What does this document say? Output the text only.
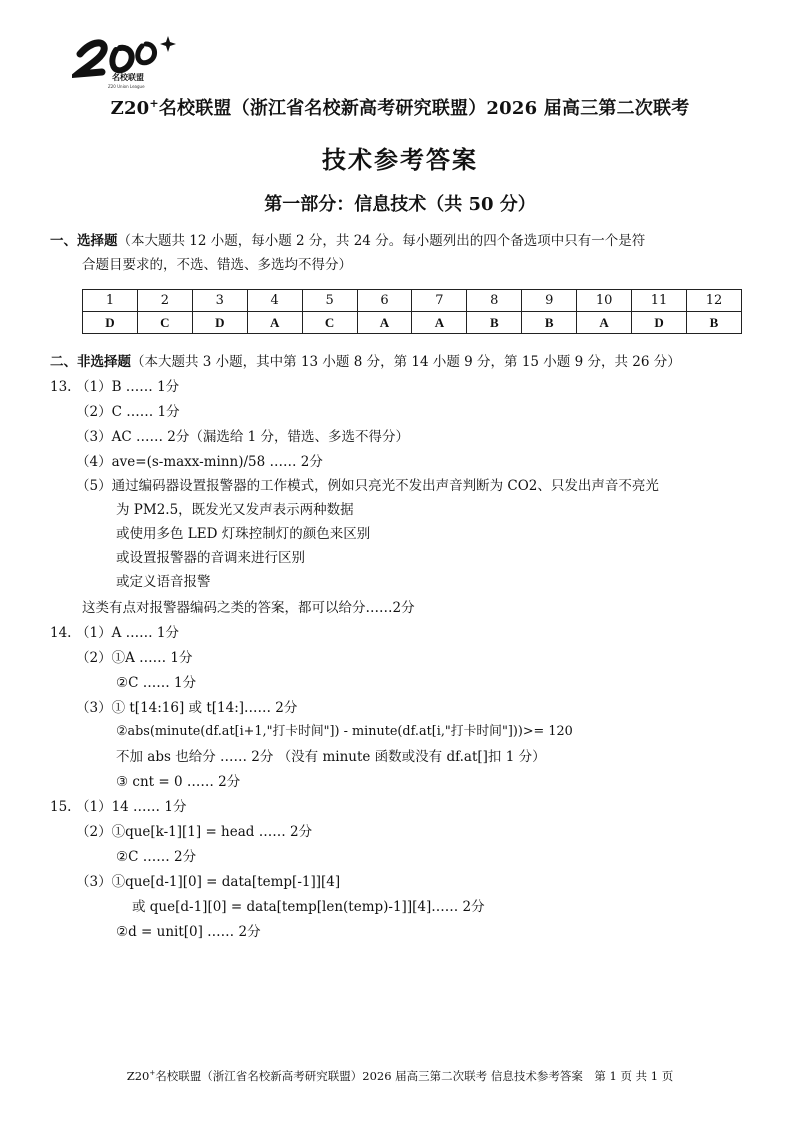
名校联盟
Z20 Union League
Z20+名校联盟（浙江省名校新高考研究联盟）2026 届高三第二次联考
技术参考答案
第一部分：信息技术（共 50 分）
一、选择题（本大题共 12 小题，每小题 2 分，共 24 分。每小题列出的四个备选项中只有一个是符
合题目要求的，不选、错选、多选均不得分）
1	2	3	4	5	6	7	8	9	10	11	12
D	C	D	A	C	A	A	B	B	A	D	B
二、非选择题（本大题共 3 小题，其中第 13 小题 8 分，第 14 小题 9 分，第 15 小题 9 分，共 26 分）
13. （1）B …… 1分
（2）C …… 1分
（3）AC …… 2分（漏选给 1 分，错选、多选不得分）
（4）ave=(s-maxx-minn)/58 …… 2分
（5）通过编码器设置报警器的工作模式，例如只亮光不发出声音判断为 CO2、只发出声音不亮光
为 PM2.5，既发光又发声表示两种数据
或使用多色 LED 灯珠控制灯的颜色来区别
或设置报警器的音调来进行区别
或定义语音报警
这类有点对报警器编码之类的答案，都可以给分……2分
14. （1）A …… 1分
（2）①A …… 1分
②C …… 1分
（3）① t[14:16] 或 t[14:]…… 2分
②abs(minute(df.at[i+1,"打卡时间"]) - minute(df.at[i,"打卡时间"]))>= 120
不加 abs 也给分 …… 2分 （没有 minute 函数或没有 df.at[]扣 1 分）
③ cnt = 0 …… 2分
15. （1）14 …… 1分
（2）①que[k-1][1] = head …… 2分
②C …… 2分
（3）①que[d-1][0] = data[temp[-1]][4]
或 que[d-1][0] = data[temp[len(temp)-1]][4]…… 2分
②d = unit[0] …… 2分
Z20+名校联盟（浙江省名校新高考研究联盟）2026 届高三第二次联考 信息技术参考答案　第 1 页 共 1 页
